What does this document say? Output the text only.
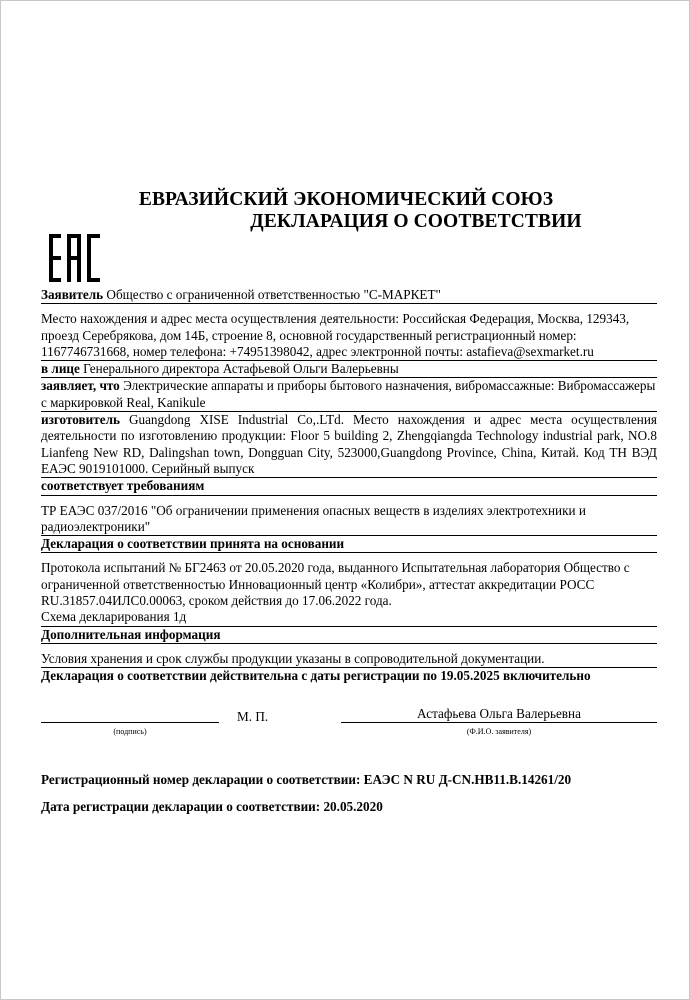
ЕВРАЗИЙСКИЙ ЭКОНОМИЧЕСКИЙ СОЮЗ
ДЕКЛАРАЦИЯ О СООТВЕТСТВИИ
Заявитель Общество с ограниченной ответственностью "С-МАРКЕТ"
Место нахождения и адрес места осуществления деятельности: Российская Федерация, Москва, 129343, проезд Серебрякова, дом 14Б, строение 8, основной государственный регистрационный номер: 1167746731668, номер телефона: +74951398042, адрес электронной почты: astafieva@sexmarket.ru
в лице Генерального директора Астафьевой Ольги Валерьевны
заявляет, что Электрические аппараты и приборы бытового назначения, вибромассажные: Вибромассажеры с маркировкой Real, Kanikule
изготовитель Guangdong XISE Industrial Co,.LTd. Место нахождения и адрес места осуществления деятельности по изготовлению продукции: Floor 5 building 2, Zhengqiangda Technology industrial park, NO.8 Lianfeng New RD, Dalingshan town, Dongguan City, 523000,Guangdong Province, China, Китай. Код ТН ВЭД ЕАЭС 9019101000. Серийный выпуск
соответствует требованиям
ТР ЕАЭС 037/2016 "Об ограничении применения опасных веществ в изделиях электротехники и радиоэлектроники"
Декларация о соответствии принята на основании
Протокола испытаний № БГ2463 от 20.05.2020 года, выданного Испытательная лаборатория Общество с ограниченной ответственностью Инновационный центр «Колибри», аттестат аккредитации РОСС RU.31857.04ИЛС0.00063, сроком действия до 17.06.2022 года.
Схема декларирования 1д
Дополнительная информация
Условия хранения и срок службы продукции указаны в сопроводительной документации.
Декларация о соответствии действительна с даты регистрации по 19.05.2025 включительно
(подпись)
М. П.	Астафьева Ольга Валерьевна
(Ф.И.О. заявителя)
Регистрационный номер декларации о соответствии: ЕАЭС N RU Д-CN.НВ11.В.14261/20
Дата регистрации декларации о соответствии: 20.05.2020
